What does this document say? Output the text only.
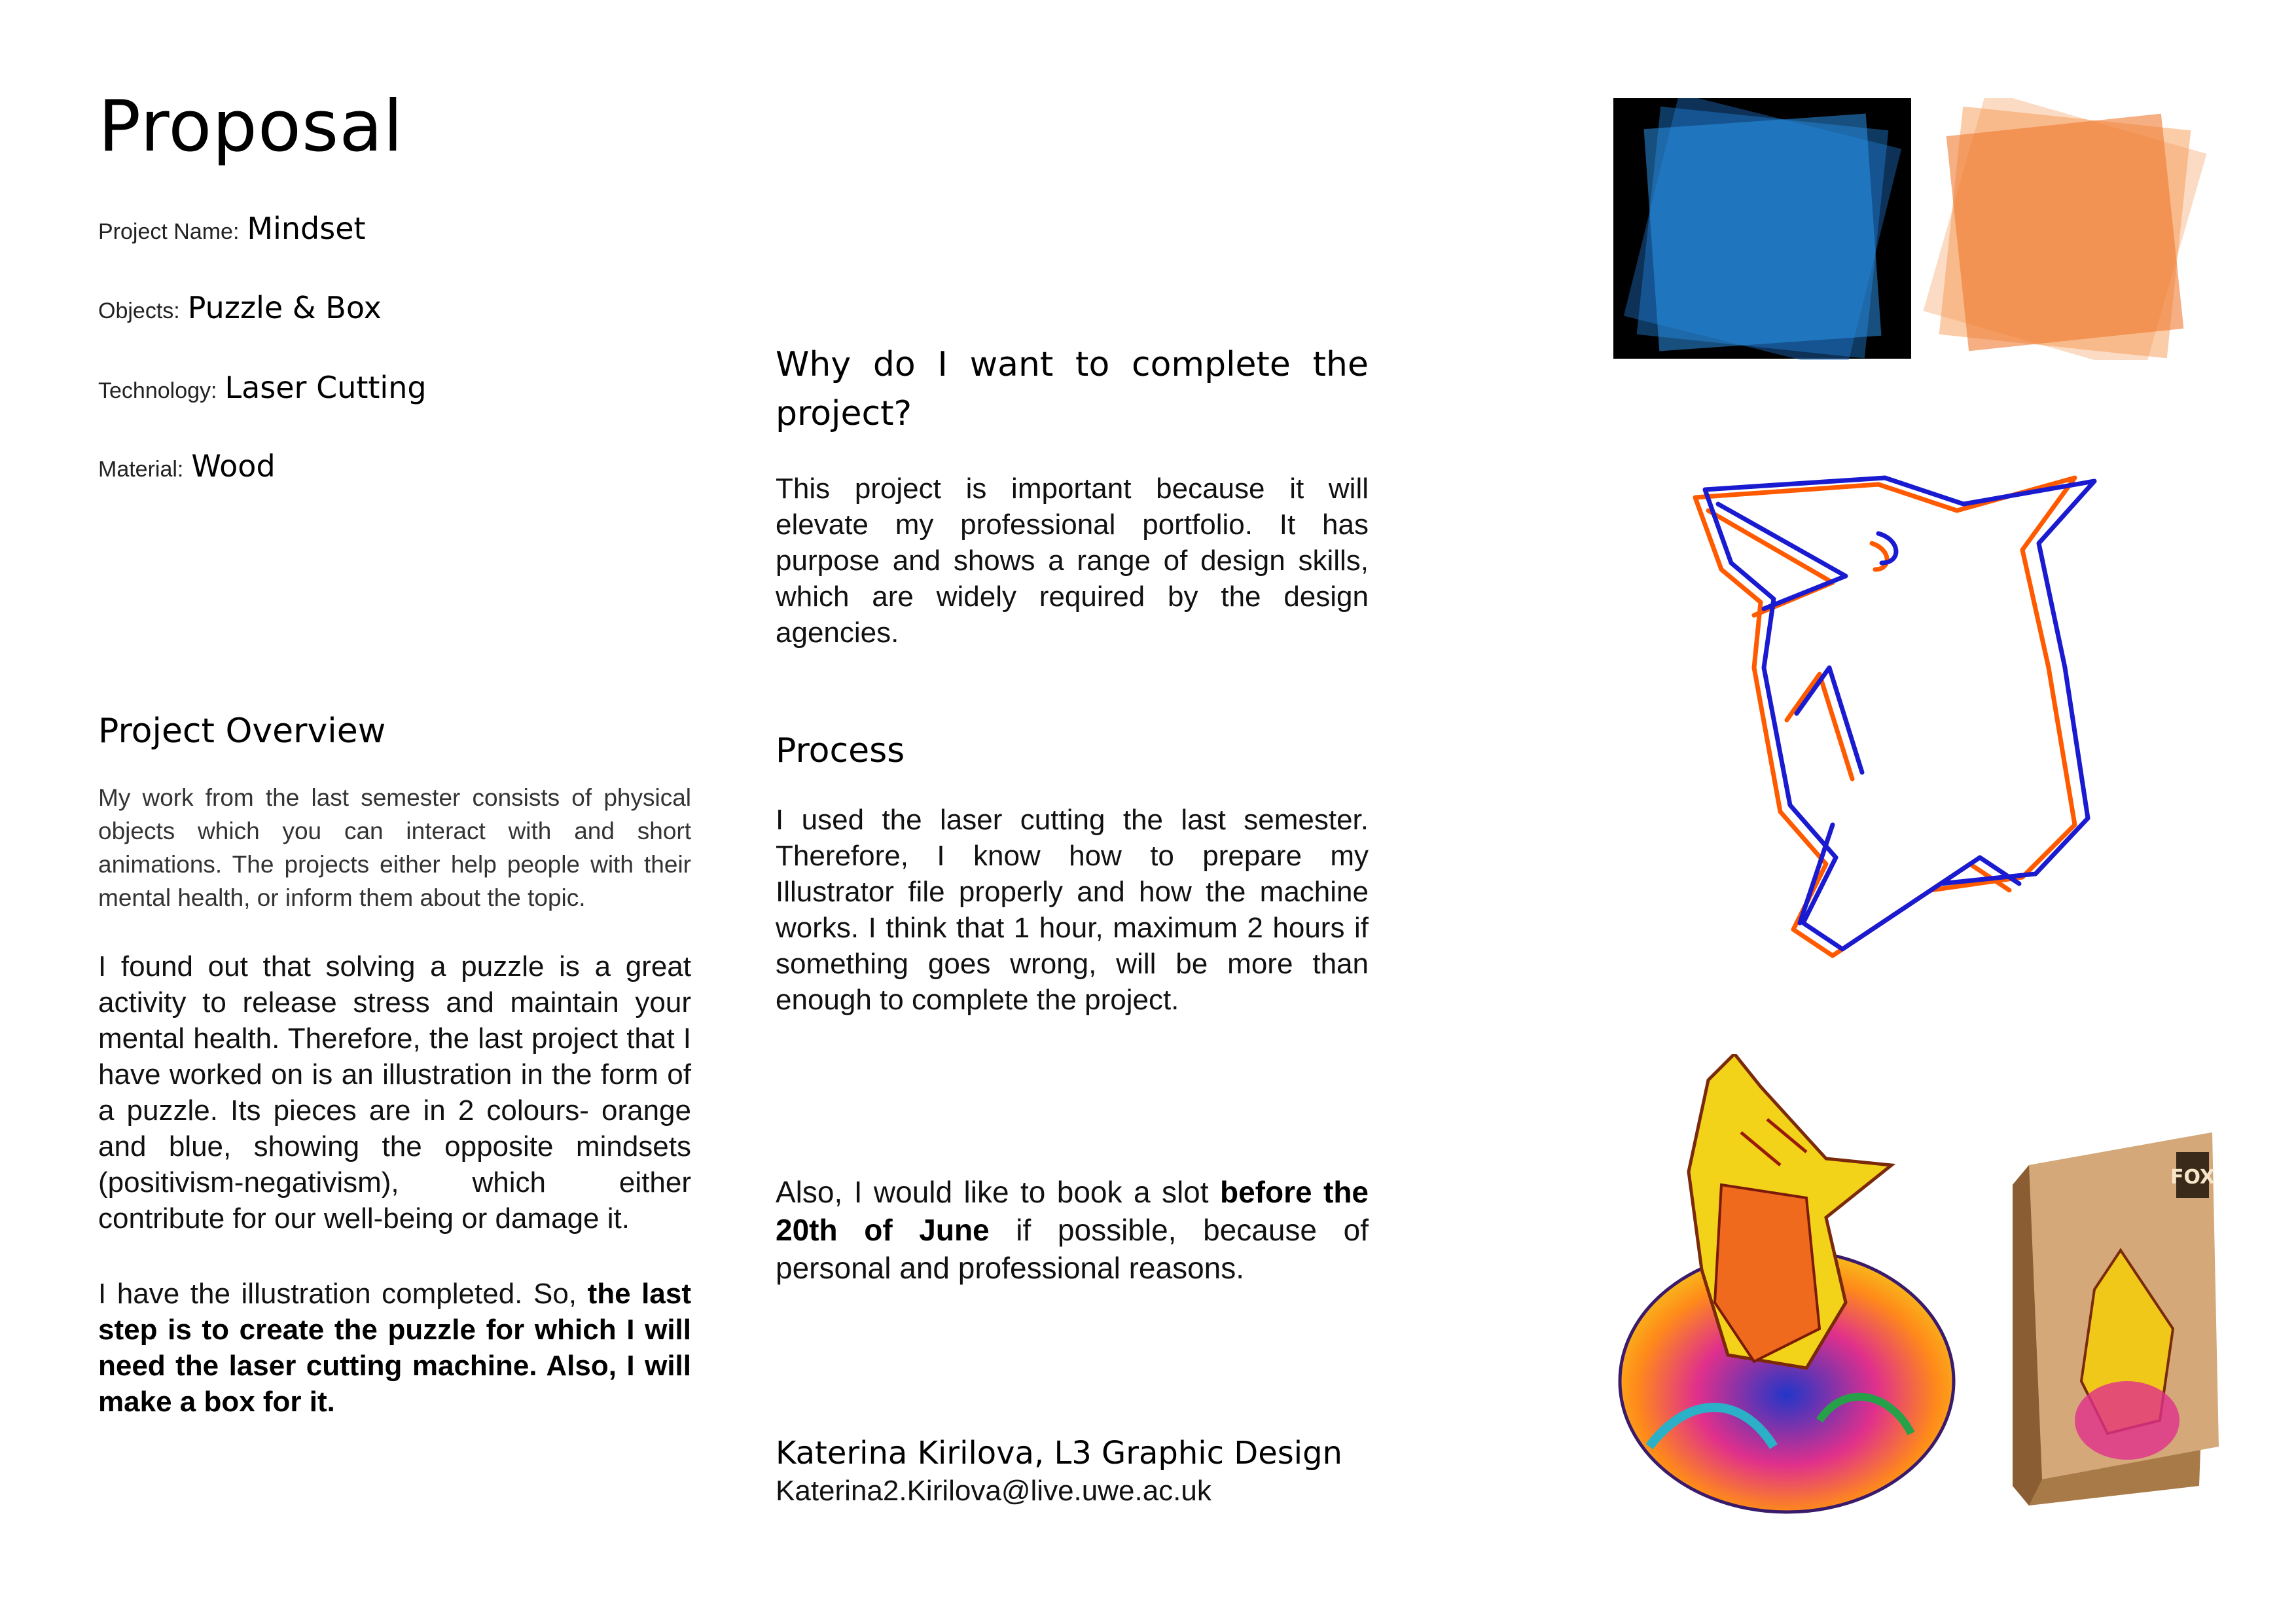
Proposal
Project Name: Mindset
Objects: Puzzle & Box
Technology: Laser Cutting
Material: Wood
Project Overview

My work from the last semester consists of physical objects which you can interact with and short animations. The projects either help people with their mental health, or inform them about the topic.

I found out that solving a puzzle is a great activity to release stress and maintain your mental health. Therefore, the last project that I have worked on is an illustration in the form of a puzzle. Its pieces are in 2 colours- orange and blue, showing the opposite mindsets (positivism-negativism), which either contribute for our well-being or damage it.

I have the illustration completed. So, the last step is to create the puzzle for which I will need the laser cutting machine. Also, I will make a box for it.

Why do I want to complete the project?

This project is important because it will elevate my professional portfolio. It has purpose and shows a range of design skills, which are widely required by the design agencies.

Process

I used the laser cutting the last semester. Therefore, I know how to prepare my Illustrator file properly and how the machine works. I think that 1 hour, maximum 2 hours if something goes wrong, will be more than enough to complete the project.

Also, I would like to book a slot before the 20th of June if possible, because of personal and professional reasons.

Katerina Kirilova, L3 Graphic Design
Katerina2.Kirilova@live.uwe.ac.uk
FOX
